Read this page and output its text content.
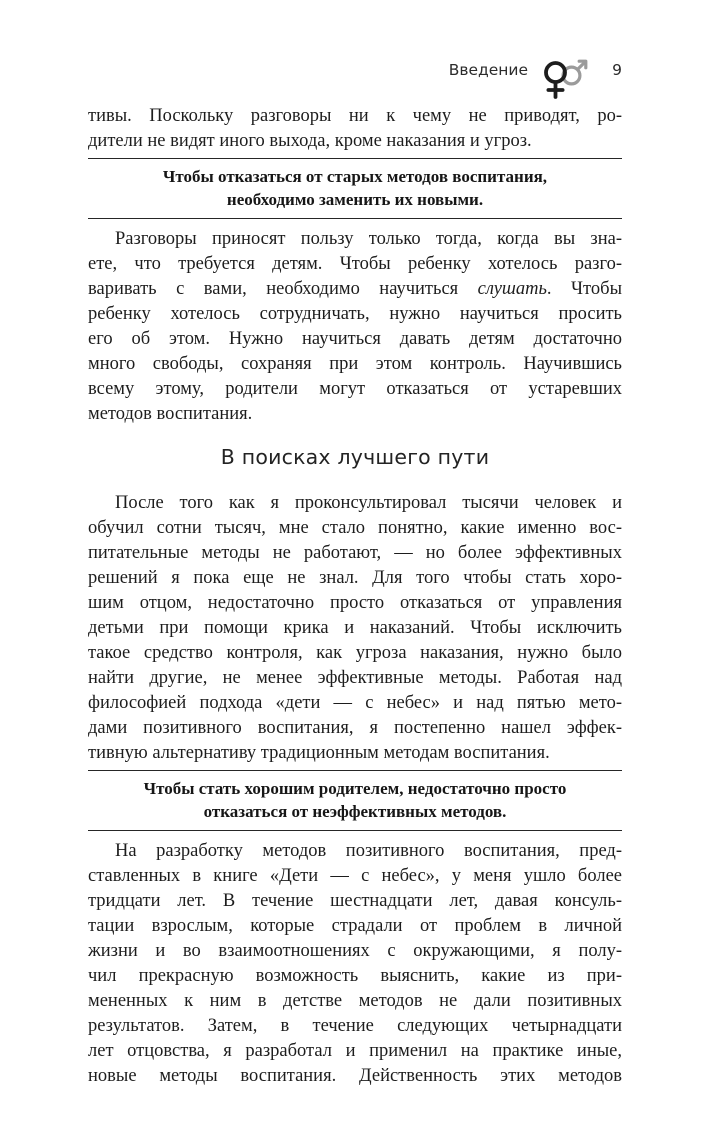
Введение	9
тивы. Поскольку разговоры ни к чему не приводят, ро-
дители не видят иного выхода, кроме наказания и угроз.
Чтобы отказаться от старых методов воспитания,
необходимо заменить их новыми.
Разговоры приносят пользу только тогда, когда вы зна-
ете, что требуется детям. Чтобы ребенку хотелось разго-
варивать с вами, необходимо научиться слушать. Чтобы
ребенку хотелось сотрудничать, нужно научиться просить
его об этом. Нужно научиться давать детям достаточно
много свободы, сохраняя при этом контроль. Научившись
всему этому, родители могут отказаться от устаревших
методов воспитания.
В поисках лучшего пути
После того как я проконсультировал тысячи человек и
обучил сотни тысяч, мне стало понятно, какие именно вос-
питательные методы не работают, — но более эффективных
решений я пока еще не знал. Для того чтобы стать хоро-
шим отцом, недостаточно просто отказаться от управления
детьми при помощи крика и наказаний. Чтобы исключить
такое средство контроля, как угроза наказания, нужно было
найти другие, не менее эффективные методы. Работая над
философией подхода «дети — с небес» и над пятью мето-
дами позитивного воспитания, я постепенно нашел эффек-
тивную альтернативу традиционным методам воспитания.
Чтобы стать хорошим родителем, недостаточно просто
отказаться от неэффективных методов.
На разработку методов позитивного воспитания, пред-
ставленных в книге «Дети — с небес», у меня ушло более
тридцати лет. В течение шестнадцати лет, давая консуль-
тации взрослым, которые страдали от проблем в личной
жизни и во взаимоотношениях с окружающими, я полу-
чил прекрасную возможность выяснить, какие из при-
мененных к ним в детстве методов не дали позитивных
результатов. Затем, в течение следующих четырнадцати
лет отцовства, я разработал и применил на практике иные,
новые методы воспитания. Действенность этих методов
